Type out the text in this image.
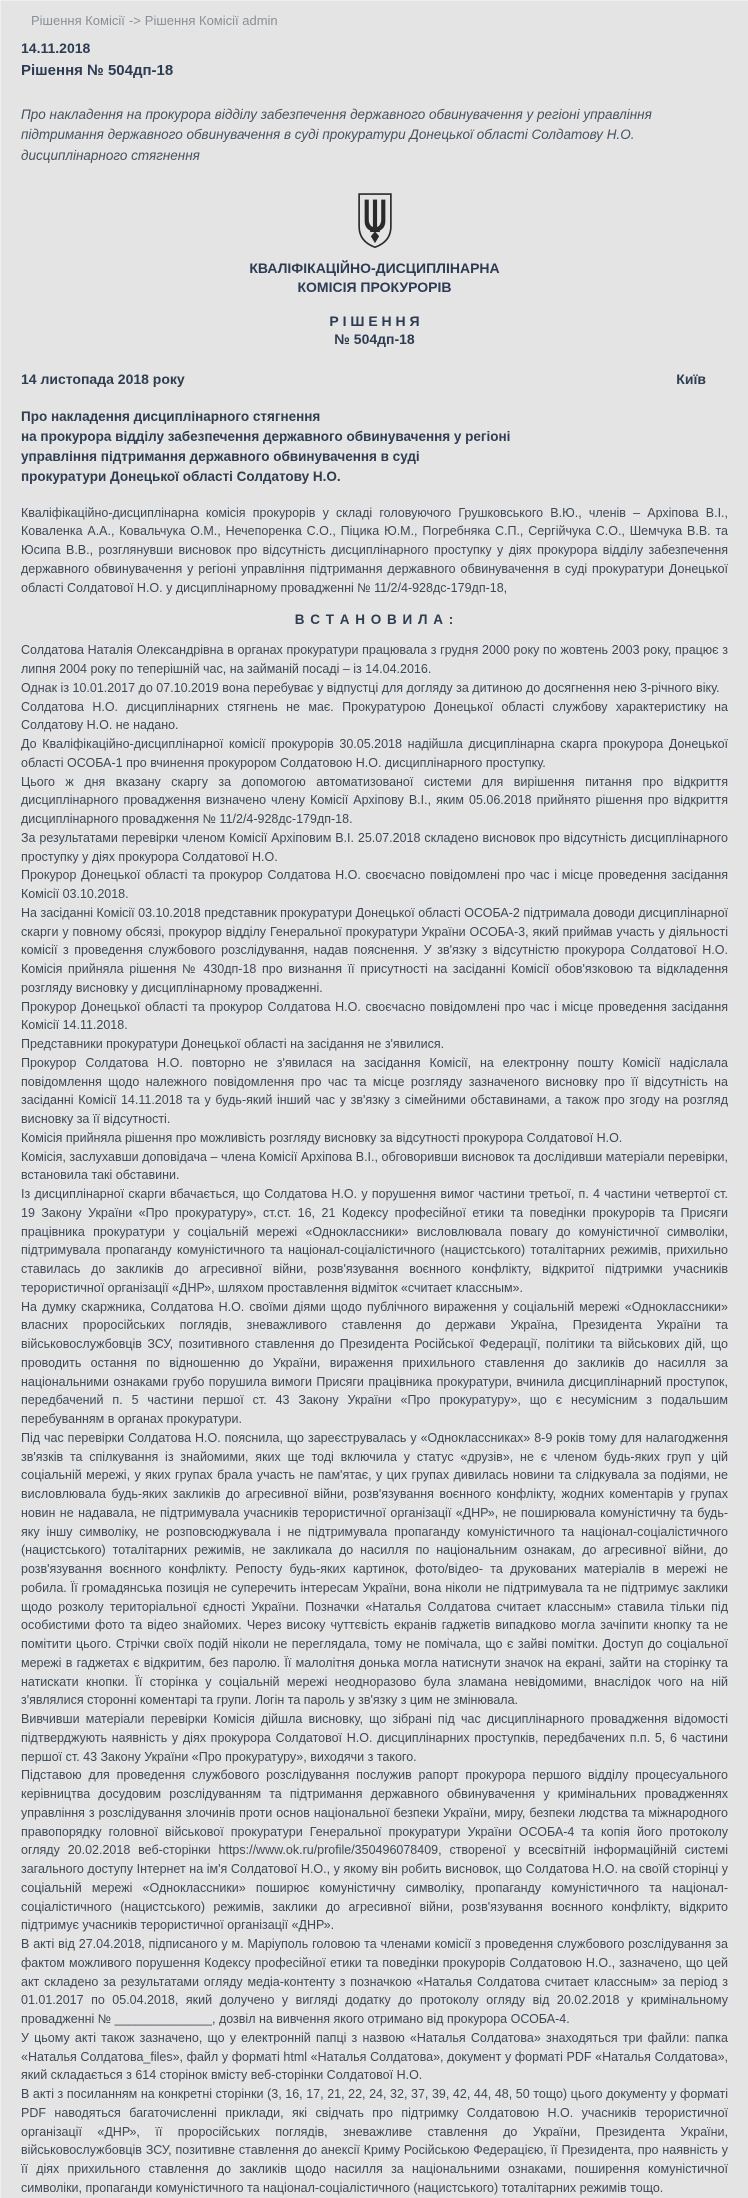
Рішення Комісії -> Рішення Комісії admin
14.11.2018
Рішення № 504дп-18
Про накладення на прокурора відділу забезпечення державного обвинувачення у регіоні управління підтримання державного обвинувачення в суді прокуратури Донецької області Солдатову Н.О. дисциплінарного стягнення
КВАЛІФІКАЦІЙНО-ДИСЦИПЛІНАРНА
КОМІСІЯ ПРОКУРОРІВ
Р І Ш Е Н Н Я
№ 504дп-18
14 листопада 2018 року	Київ
Про накладення дисциплінарного стягнення
на прокурора відділу забезпечення державного обвинувачення у регіоні
управління підтримання державного обвинувачення в суді
прокуратури Донецької області Солдатову Н.О.

Кваліфікаційно-дисциплінарна комісія прокурорів у складі головуючого Грушковського В.Ю., членів – Архіпова В.І., Коваленка А.А., Ковальчука О.М., Нечепоренка С.О., Піцика Ю.М., Погребняка С.П., Сергійчука С.О., Шемчука В.В. та Юсипа В.В., розглянувши висновок про відсутність дисциплінарного проступку у діях прокурора відділу забезпечення державного обвинувачення у регіоні управління підтримання державного обвинувачення в суді прокуратури Донецької області Солдатової Н.О. у дисциплінарному провадженні № 11/2/4-928дс-179дп-18,

В С Т А Н О В И Л А :

Солдатова Наталія Олександрівна в органах прокуратури працювала з грудня 2000 року по жовтень 2003 року, працює з липня 2004 року по теперішній час, на займаній посаді – із 14.04.2016.

Однак із 10.01.2017 до 07.10.2019 вона перебуває у відпустці для догляду за дитиною до досягнення нею 3-річного віку.

Солдатова Н.О. дисциплінарних стягнень не має. Прокуратурою Донецької області службову характеристику на Солдатову Н.О. не надано.

До Кваліфікаційно-дисциплінарної комісії прокурорів 30.05.2018 надійшла дисциплінарна скарга прокурора Донецької області ОСОБА-1 про вчинення прокурором Солдатовою Н.О. дисциплінарного проступку.

Цього ж дня вказану скаргу за допомогою автоматизованої системи для вирішення питання про відкриття дисциплінарного провадження визначено члену Комісії Архіпову В.І., яким 05.06.2018 прийнято рішення про відкриття дисциплінарного провадження № 11/2/4-928дс-179дп-18.

За результатами перевірки членом Комісії Архіповим В.І. 25.07.2018 складено висновок про відсутність дисциплінарного проступку у діях прокурора Солдатової Н.О.

Прокурор Донецької області та прокурор Солдатова Н.О. своєчасно повідомлені про час і місце проведення засідання Комісії 03.10.2018.

На засіданні Комісії 03.10.2018 представник прокуратури Донецької області ОСОБА-2 підтримала доводи дисциплінарної скарги у повному обсязі, прокурор відділу Генеральної прокуратури України ОСОБА-3, який приймав участь у діяльності комісії з проведення службового розслідування, надав пояснення. У зв'язку з відсутністю прокурора Солдатової Н.О. Комісія прийняла рішення № 430дп-18 про визнання її присутності на засіданні Комісії обов'язковою та відкладення розгляду висновку у дисциплінарному провадженні.

Прокурор Донецької області та прокурор Солдатова Н.О. своєчасно повідомлені про час і місце проведення засідання Комісії 14.11.2018.

Представники прокуратури Донецької області на засідання не з'явилися.

Прокурор Солдатова Н.О. повторно не з'явилася на засідання Комісії, на електронну пошту Комісії надіслала повідомлення щодо належного повідомлення про час та місце розгляду зазначеного висновку про її відсутність на засіданні Комісії 14.11.2018 та у будь-який інший час у зв'язку з сімейними обставинами, а також про згоду на розгляд висновку за її відсутності.

Комісія прийняла рішення про можливість розгляду висновку за відсутності прокурора Солдатової Н.О.

Комісія, заслухавши доповідача – члена Комісії Архіпова В.І., обговоривши висновок та дослідивши матеріали перевірки, встановила такі обставини.

Із дисциплінарної скарги вбачається, що Солдатова Н.О. у порушення вимог частини третьої, п. 4 частини четвертої ст. 19 Закону України «Про прокуратуру», ст.ст. 16, 21 Кодексу професійної етики та поведінки прокурорів та Присяги працівника прокуратури у соціальній мережі «Одноклассники» висловлювала повагу до комуністичної символіки, підтримувала пропаганду комуністичного та націонал-соціалістичного (нацистського) тоталітарних режимів, прихильно ставилась до закликів до агресивної війни, розв'язування воєнного конфлікту, відкритої підтримки учасників терористичної організації «ДНР», шляхом проставлення відміток «считает классным».

На думку скаржника, Солдатова Н.О. своїми діями щодо публічного вираження у соціальній мережі «Одноклассники» власних проросійських поглядів, зневажливого ставлення до держави Україна, Президента України та військовослужбовців ЗСУ, позитивного ставлення до Президента Російської Федерації, політики та військових дій, що проводить остання по відношенню до України, вираження прихильного ставлення до закликів до насилля за національними ознаками грубо порушила вимоги Присяги працівника прокуратури, вчинила дисциплінарний проступок, передбачений п. 5 частини першої ст. 43 Закону України «Про прокуратуру», що є несумісним з подальшим перебуванням в органах прокуратури.

Під час перевірки Солдатова Н.О. пояснила, що зареєструвалась у «Одноклассниках» 8-9 років тому для налагодження зв'язків та спілкування із знайомими, яких ще тоді включила у статус «друзів», не є членом будь-яких груп у цій соціальній мережі, у яких групах брала участь не пам'ятає, у цих групах дивилась новини та слідкувала за подіями, не висловлювала будь-яких закликів до агресивної війни, розв'язування воєнного конфлікту, жодних коментарів у групах новин не надавала, не підтримувала учасників терористичної організації «ДНР», не поширювала комуністичну та будь-яку іншу символіку, не розповсюджувала і не підтримувала пропаганду комуністичного та націонал-соціалістичного (нацистського) тоталітарних режимів, не закликала до насилля по національним ознакам, до агресивної війни, до розв'язування воєнного конфлікту. Репосту будь-яких картинок, фото/відео- та друкованих матеріалів в мережі не робила. Її громадянська позиція не суперечить інтересам України, вона ніколи не підтримувала та не підтримує заклики щодо розколу територіальної єдності України. Позначки «Наталья Солдатова считает классным» ставила тільки під особистими фото та відео знайомих. Через високу чуттєвість екранів гаджетів випадково могла зачіпити кнопку та не помітити цього. Стрічки своїх подій ніколи не переглядала, тому не помічала, що є зайві помітки. Доступ до соціальної мережі в гаджетах є відкритим, без паролю. Її малолітня донька могла натиснути значок на екрані, зайти на сторінку та натискати кнопки. Її сторінка у соціальній мережі неодноразово була зламана невідомими, внаслідок чого на ній з'являлися сторонні коментарі та групи. Логін та пароль у зв'язку з цим не змінювала.

Вивчивши матеріали перевірки Комісія дійшла висновку, що зібрані під час дисциплінарного провадження відомості підтверджують наявність у діях прокурора Солдатової Н.О. дисциплінарних проступків, передбачених п.п. 5, 6 частини першої ст. 43 Закону України «Про прокуратуру», виходячи з такого.

Підставою для проведення службового розслідування послужив рапорт прокурора першого відділу процесуального керівництва досудовим розслідуванням та підтримання державного обвинувачення у кримінальних провадженнях управління з розслідування злочинів проти основ національної безпеки України, миру, безпеки людства та міжнародного правопорядку головної військової прокуратури Генеральної прокуратури України ОСОБА-4 та копія його протоколу огляду 20.02.2018 веб-сторінки https://www.ok.ru/profile/350496078409, створеної у всесвітній інформаційній системі загального доступу Інтернет на ім'я Солдатової Н.О., у якому він робить висновок, що Солдатова Н.О. на своїй сторінці у соціальній мережі «Одноклассники» поширює комуністичну символіку, пропаганду комуністичного та націонал-соціалістичного (нацистського) режимів, заклики до агресивної війни, розв'язування воєнного конфлікту, відкрито підтримує учасників терористичної організації «ДНР».

В акті від 27.04.2018, підписаного у м. Маріуполь головою та членами комісії з проведення службового розслідування за фактом можливого порушення Кодексу професійної етики та поведінки прокурорів Солдатовою Н.О., зазначено, що цей акт складено за результатами огляду медіа-контенту з позначкою «Наталья Солдатова считает классным» за період з 01.01.2017 по 05.04.2018, який долучено у вигляді додатку до протоколу огляду від 20.02.2018 у кримінальному провадженні № ______________, дозвіл на вивчення якого отримано від прокурора ОСОБА-4.

У цьому акті також зазначено, що у електронній папці з назвою «Наталья Солдатова» знаходяться три файли: папка «Наталья Солдатова_files», файл у форматі html «Наталья Солдатова», документ у форматі PDF «Наталья Солдатова», який складається з 614 сторінок вмісту веб-сторінки Солдатової Н.О.

В акті з посиланням на конкретні сторінки (3, 16, 17, 21, 22, 24, 32, 37, 39, 42, 44, 48, 50 тощо) цього документу у форматі PDF наводяться багаточисленні приклади, які свідчать про підтримку Солдатовою Н.О. учасників терористичної організації «ДНР», її проросійських поглядів, зневажливе ставлення до України, Президента України, військовослужбовців ЗСУ, позитивне ставлення до анексії Криму Російською Федерацією, її Президента, про наявність у її діях прихильного ставлення до закликів щодо насилля за національними ознаками, поширення комуністичної символіки, пропаганди комуністичного та націонал-соціалістичного (нацистського) тоталітарних режимів тощо.
